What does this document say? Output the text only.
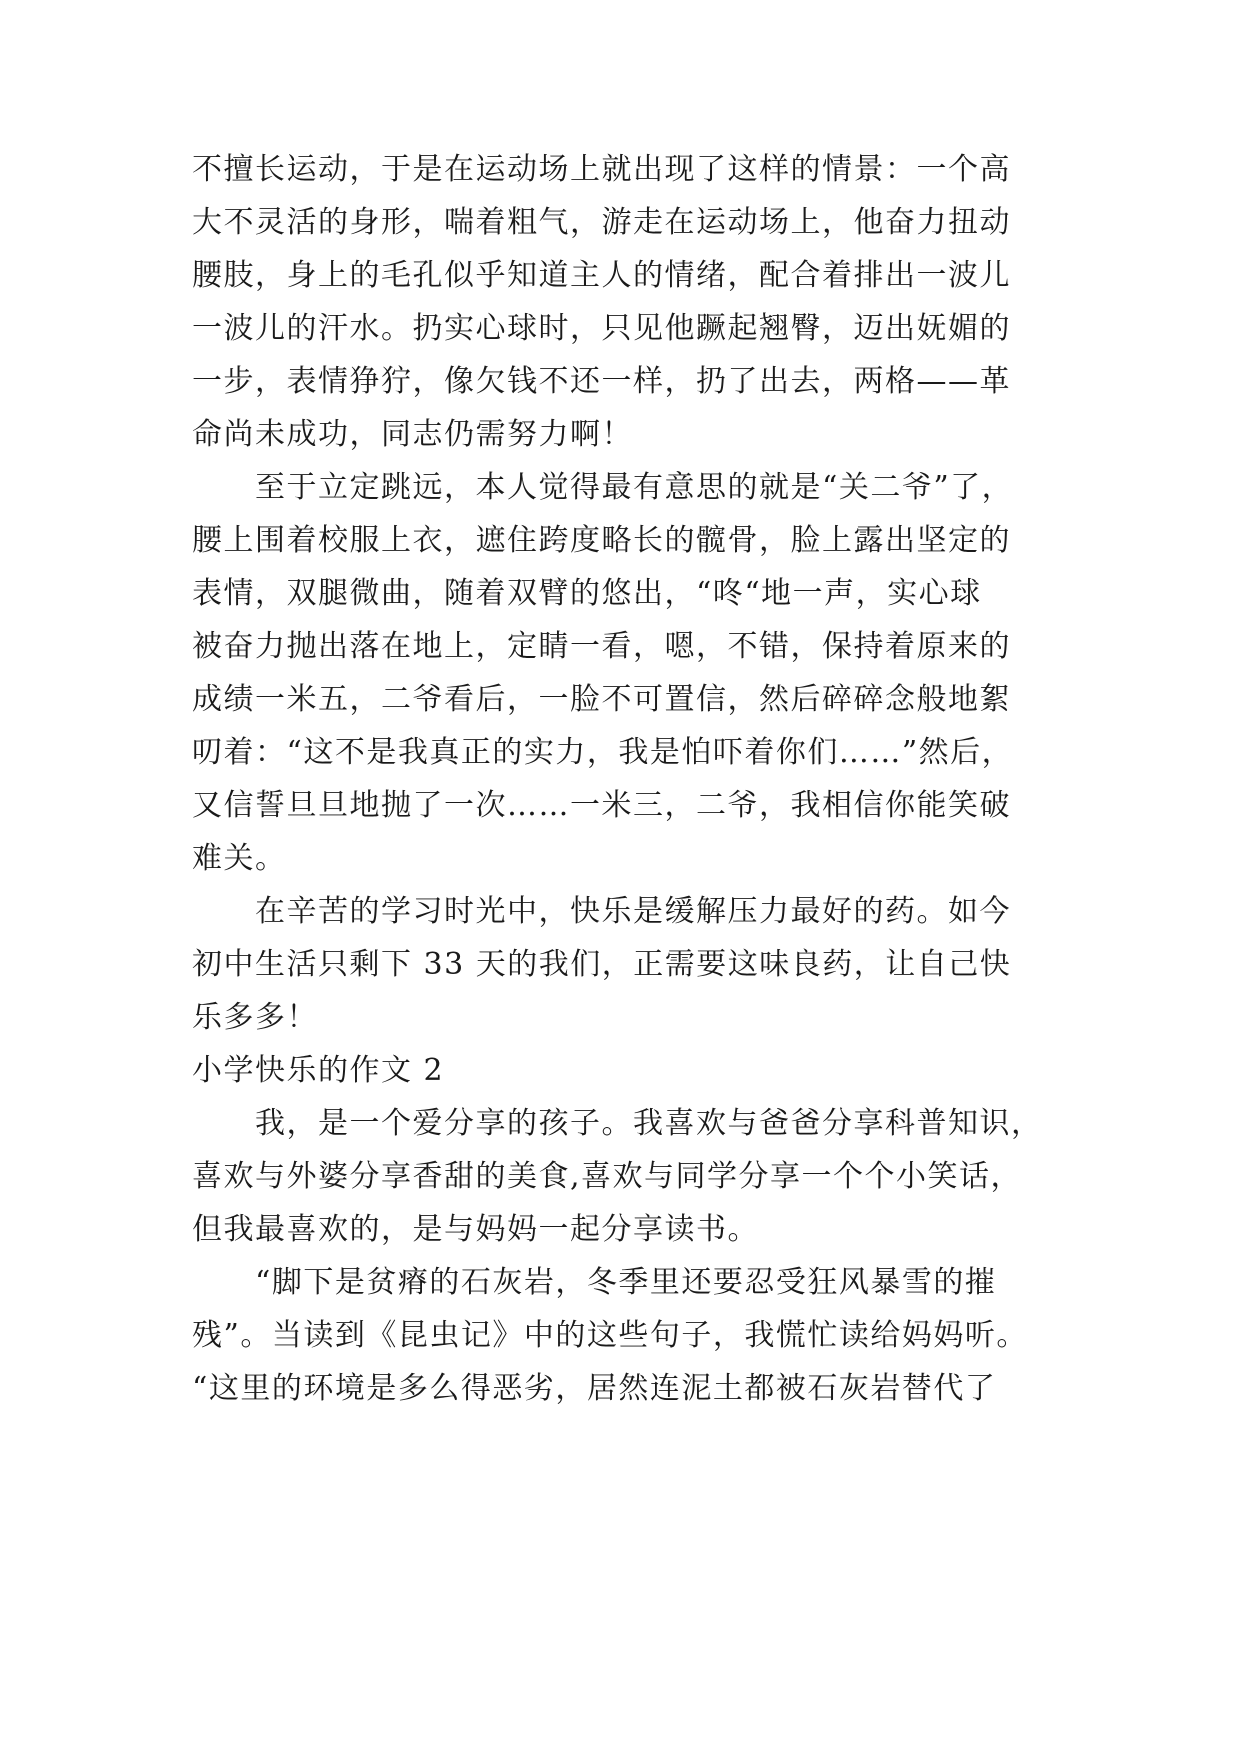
不擅长运动，于是在运动场上就出现了这样的情景：一个高
大不灵活的身形，喘着粗气，游走在运动场上，他奋力扭动
腰肢，身上的毛孔似乎知道主人的情绪，配合着排出一波儿
一波儿的汗水。扔实心球时，只见他蹶起翘臀，迈出妩媚的
一步，表情狰狞，像欠钱不还一样，扔了出去，两格——革
命尚未成功，同志仍需努力啊！
　　至于立定跳远，本人觉得最有意思的就是“关二爷”了，
腰上围着校服上衣，遮住跨度略长的髋骨，脸上露出坚定的
表情，双腿微曲，随着双臂的悠出，“咚“地一声，实心球
被奋力抛出落在地上，定睛一看，嗯，不错，保持着原来的
成绩一米五，二爷看后，一脸不可置信，然后碎碎念般地絮
叨着：“这不是我真正的实力，我是怕吓着你们……”然后，
又信誓旦旦地抛了一次……一米三，二爷，我相信你能笑破
难关。
　　在辛苦的学习时光中，快乐是缓解压力最好的药。如今
初中生活只剩下 33 天的我们，正需要这味良药，让自己快
乐多多！
小学快乐的作文 2
　　我，是一个爱分享的孩子。我喜欢与爸爸分享科普知识，
喜欢与外婆分享香甜的美食,喜欢与同学分享一个个小笑话，
但我最喜欢的，是与妈妈一起分享读书。
　　“脚下是贫瘠的石灰岩，冬季里还要忍受狂风暴雪的摧
残”。当读到《昆虫记》中的这些句子，我慌忙读给妈妈听。
“这里的环境是多么得恶劣，居然连泥土都被石灰岩替代了
